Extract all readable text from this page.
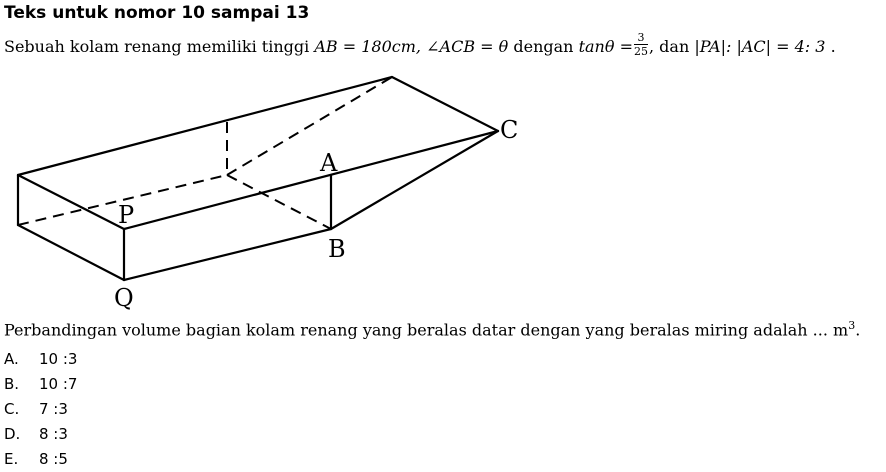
Teks untuk nomor 10 sampai 13
Sebuah kolam renang memiliki tinggi AB = 180cm, ∠ACB = θ dengan $\tan\theta = \frac{3}{25}$ , dan |PA|: |AC| = 4: 3 .
A
B
C
P
Q
Perbandingan volume bagian kolam renang yang beralas datar dengan yang beralas miring adalah ... $m^3$.
A.	10 :3
B.	10 :7
C.	7 :3
D.	8 :3
E.	8 :5
